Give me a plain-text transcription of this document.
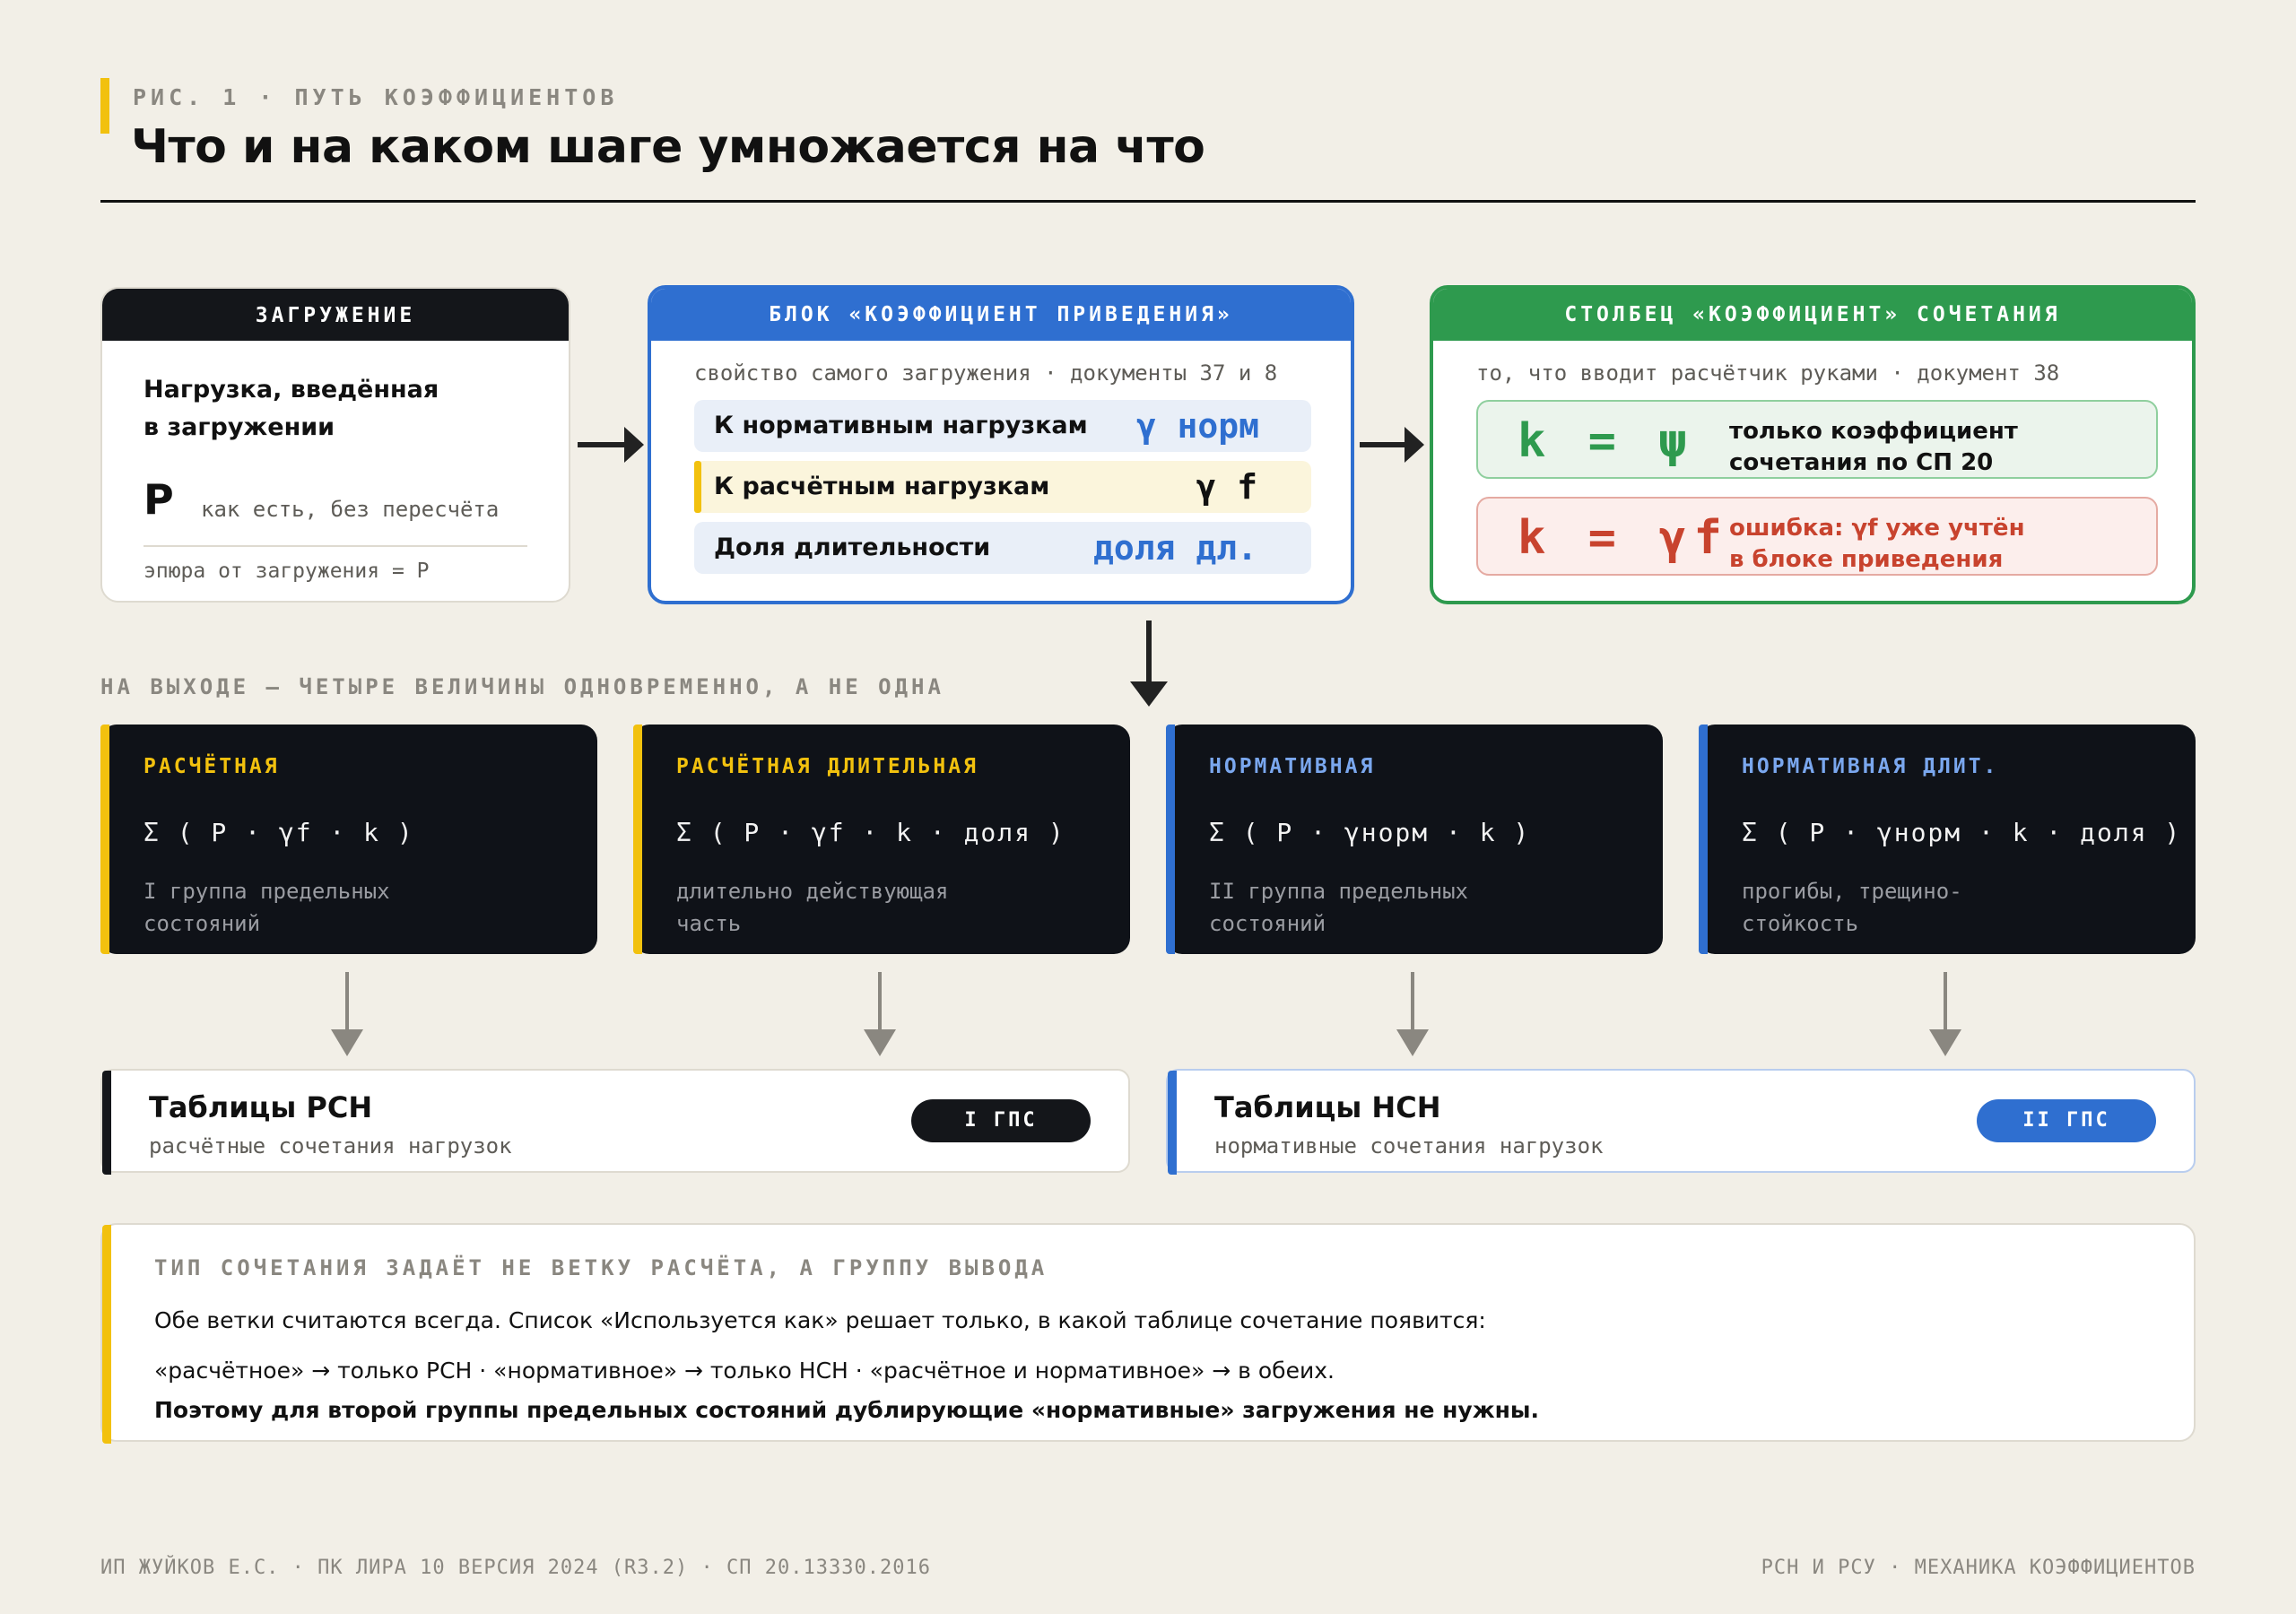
РИС. 1 · ПУТЬ КОЭФФИЦИЕНТОВ
Что и на каком шаге умножается на что
ЗАГРУЖЕНИЕ
Нагрузка, введённая
в загружении
P как есть, без пересчёта
эпюра от загружения = P
БЛОК «КОЭФФИЦИЕНТ ПРИВЕДЕНИЯ»
свойство самого загружения · документы 37 и 8
К нормативным нагрузкам γ норм
К расчётным нагрузкам	γ f
Доля длительности	доля дл.
СТОЛБЕЦ «КОЭФФИЦИЕНТ» СОЧЕТАНИЯ
то, что вводит расчётчик руками · документ 38
k = ψ только коэффициент
сочетания по СП 20
k = γf ошибка: γf уже учтён
в блоке приведения
НА ВЫХОДЕ — ЧЕТЫРЕ ВЕЛИЧИНЫ ОДНОВРЕМЕННО, А НЕ ОДНА
РАСЧЁТНАЯ
Σ ( P · γf · k )
I группа предельных
состояний
РАСЧЁТНАЯ ДЛИТЕЛЬНАЯ
Σ ( P · γf · k · доля )
длительно действующая
часть
НОРМАТИВНАЯ
Σ ( P · γнорм · k )
II группа предельных
состояний
НОРМАТИВНАЯ ДЛИТ.
Σ ( P · γнорм · k · доля )
прогибы, трещино-
стойкость
Таблицы РСН
расчётные сочетания нагрузок
I ГПС	Таблицы НСН
нормативные сочетания нагрузок
II ГПС
ТИП СОЧЕТАНИЯ ЗАДАЁТ НЕ ВЕТКУ РАСЧЁТА, А ГРУППУ ВЫВОДА
Обе ветки считаются всегда. Список «Используется как» решает только, в какой таблице сочетание появится:
«расчётное» → только РСН · «нормативное» → только НСН · «расчётное и нормативное» → в обеих.
Поэтому для второй группы предельных состояний дублирующие «нормативные» загружения не нужны.
ИП ЖУЙКОВ Е.С. · ПК ЛИРА 10 ВЕРСИЯ 2024 (R3.2) · СП 20.13330.2016	РСН И РСУ · МЕХАНИКА КОЭФФИЦИЕНТОВ
